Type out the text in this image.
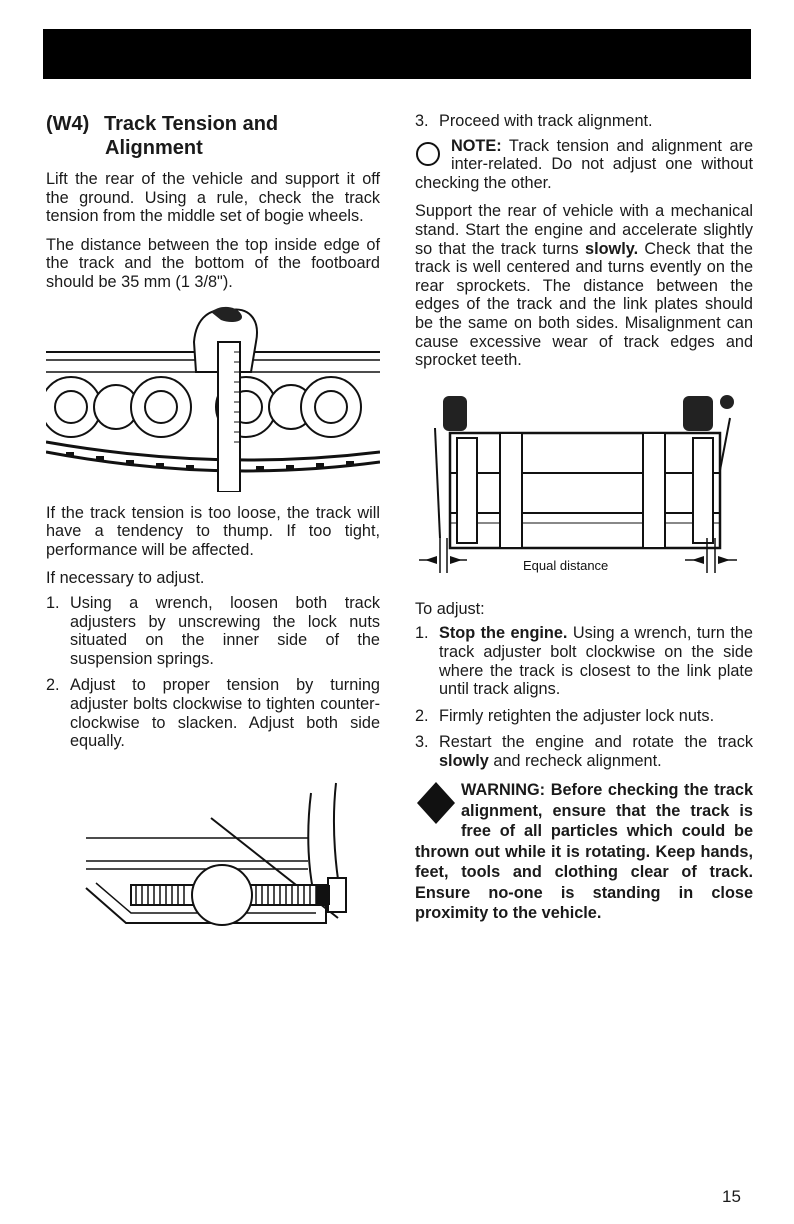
(W4) Track Tension and
Alignment

Lift the rear of the vehicle and support it off the ground. Using a rule, check the track tension from the middle set of bogie wheels.

The distance between the top inside edge of the track and the bottom of the footboard should be 35 mm (1 3/8").

If the track tension is too loose, the track will have a tendency to thump. If too tight, performance will be affected.

If necessary to adjust.

1. Using a wrench, loosen both track adjusters by unscrewing the lock nuts situated on the inner side of the suspension springs.
2. Adjust to proper tension by turning adjuster bolts clockwise to tighten counter-clockwise to slacken. Adjust both side equally.
3. Proceed with track alignment.
NOTE: Track tension and alignment are inter-related. Do not adjust one without checking the other.

Support the rear of vehicle with a mechanical stand. Start the engine and accelerate slightly so that the track turns slowly. Check that the track is well centered and turns evently on the rear sprockets. The distance between the edges of the track and the link plates should be the same on both sides. Misalignment can cause excessive wear of track edges and sprocket teeth.

Equal distance

To adjust:

1. Stop the engine. Using a wrench, turn the track adjuster bolt clockwise on the side where the track is closest to the link plate until track aligns.
2. Firmly retighten the adjuster lock nuts.
3. Restart the engine and rotate the track slowly and recheck alignment.
WARNING: Before checking the track alignment, ensure that the track is free of all particles which could be thrown out while it is rotating. Keep hands, feet, tools and clothing clear of track. Ensure no-one is standing in close proximity to the vehicle.
15
